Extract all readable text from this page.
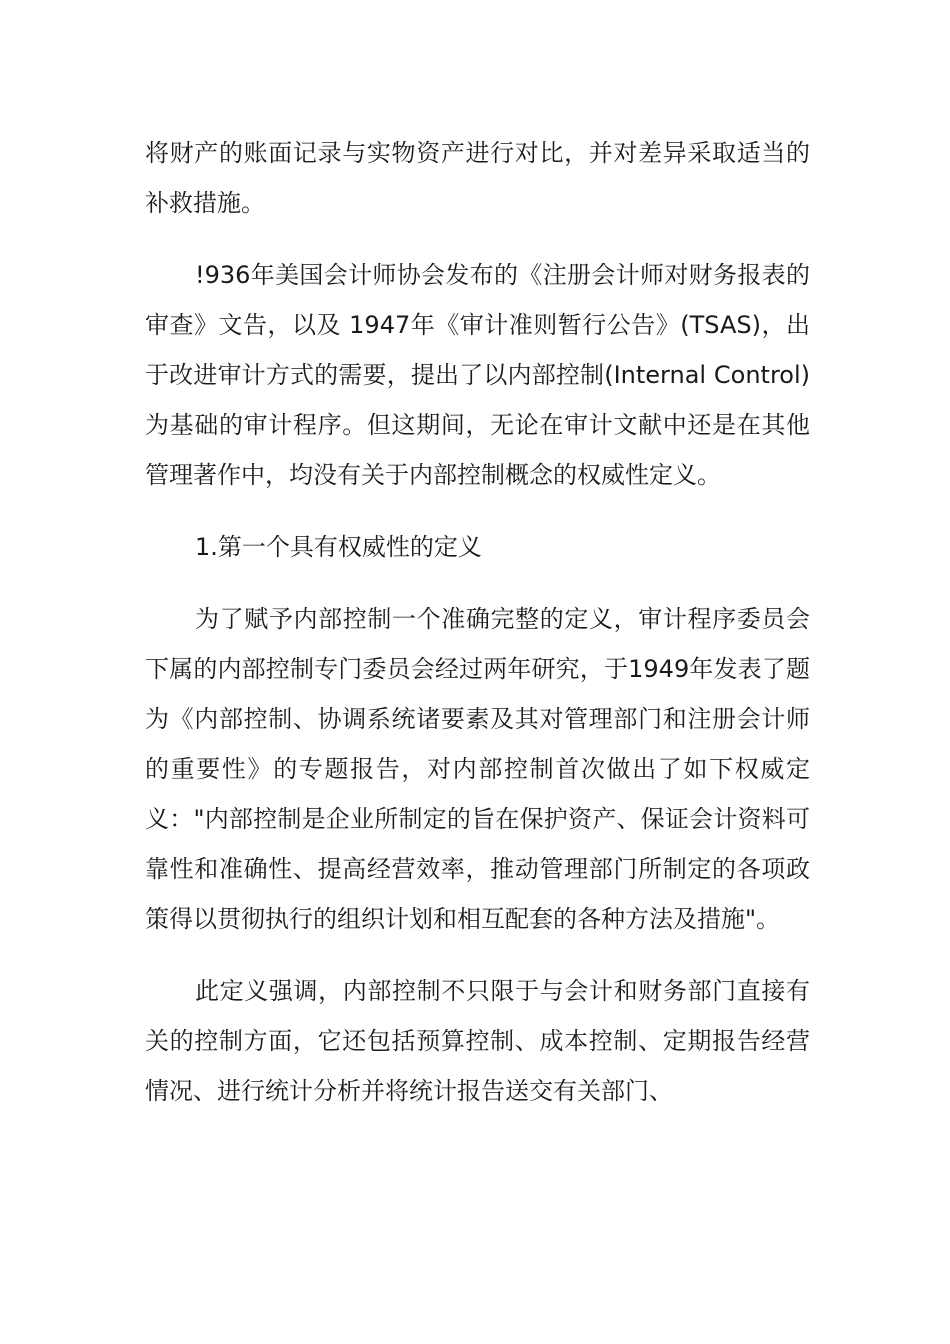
将财产的账面记录与实物资产进行对比，并对差异采取适当的补救措施。

!936年美国会计师协会发布的《注册会计师对财务报表的审查》文告，以及 1947年《审计准则暂行公告》(TSAS)，出于改进审计方式的需要，提出了以内部控制(Internal Control)为基础的审计程序。但这期间，无论在审计文献中还是在其他管理著作中，均没有关于内部控制概念的权威性定义。

1.第一个具有权威性的定义

为了赋予内部控制一个准确完整的定义，审计程序委员会下属的内部控制专门委员会经过两年研究，于1949年发表了题为《内部控制、协调系统诸要素及其对管理部门和注册会计师的重要性》的专题报告，对内部控制首次做出了如下权威定义："内部控制是企业所制定的旨在保护资产、保证会计资料可靠性和准确性、提高经营效率，推动管理部门所制定的各项政策得以贯彻执行的组织计划和相互配套的各种方法及措施"。

此定义强调，内部控制不只限于与会计和财务部门直接有关的控制方面，它还包括预算控制、成本控制、定期报告经营情况、进行统计分析并将统计报告送交有关部门、
